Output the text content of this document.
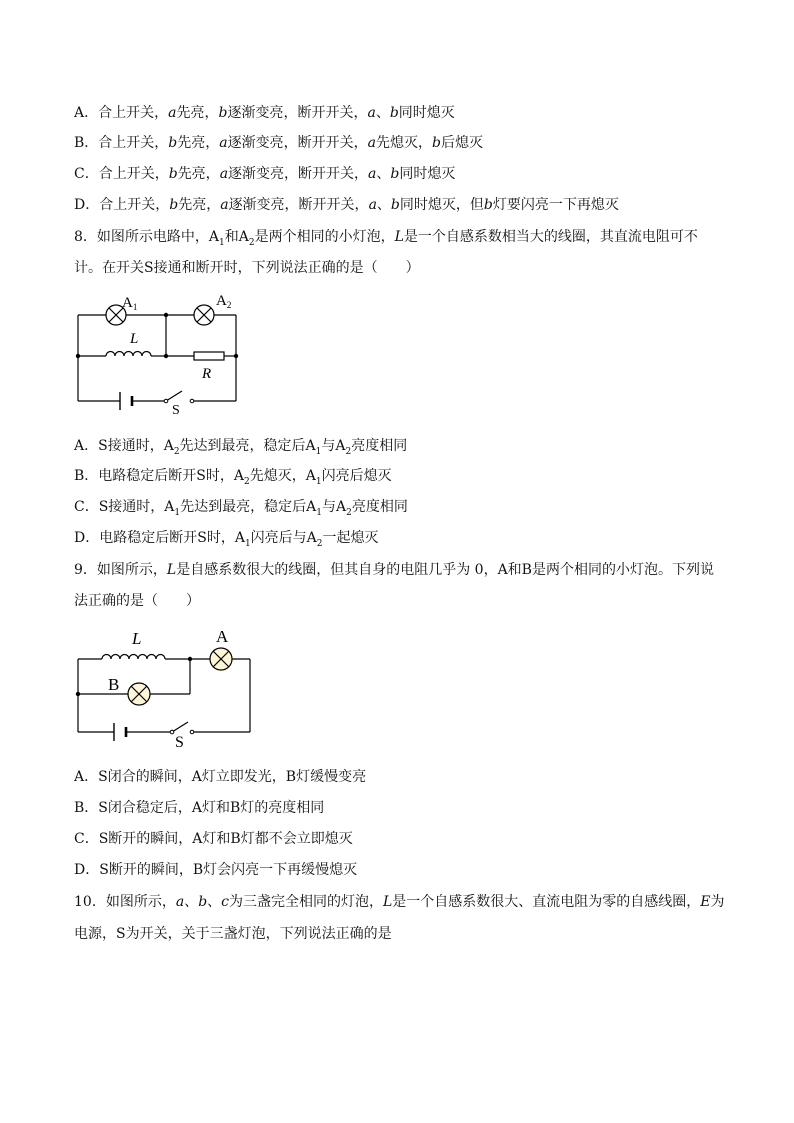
A．合上开关，a先亮，b逐渐变亮，断开开关，a、b同时熄灭
B．合上开关，b先亮，a逐渐变亮，断开开关，a先熄灭，b后熄灭
C．合上开关，b先亮，a逐渐变亮，断开开关，a、b同时熄灭
D．合上开关，b先亮，a逐渐变亮，断开开关，a、b同时熄灭，但b灯要闪亮一下再熄灭
8．如图所示电路中，$A_1$和$A_2$是两个相同的小灯泡，L是一个自感系数相当大的线圈，其直流电阻可不
计。在开关S接通和断开时，下列说法正确的是（　　）
$A_1$	$A_2$
L
R
S
A．S接通时，$A_2$先达到最亮，稳定后$A_1$与$A_2$亮度相同
B．电路稳定后断开S时，$A_2$先熄灭，$A_1$闪亮后熄灭
C．S接通时，$A_1$先达到最亮，稳定后$A_1$与$A_2$亮度相同
D．电路稳定后断开S时，$A_1$闪亮后与$A_2$一起熄灭
9．如图所示，L是自感系数很大的线圈，但其自身的电阻几乎为 0，A和B是两个相同的小灯泡。下列说
法正确的是（　　）
L	A
B
S
A．S闭合的瞬间，A灯立即发光，B灯缓慢变亮
B．S闭合稳定后，A灯和B灯的亮度相同
C．S断开的瞬间，A灯和B灯都不会立即熄灭
D．S断开的瞬间，B灯会闪亮一下再缓慢熄灭
10．如图所示，a、b、c为三盏完全相同的灯泡，L是一个自感系数很大、直流电阻为零的自感线圈，E为
电源，S为开关，关于三盏灯泡，下列说法正确的是
